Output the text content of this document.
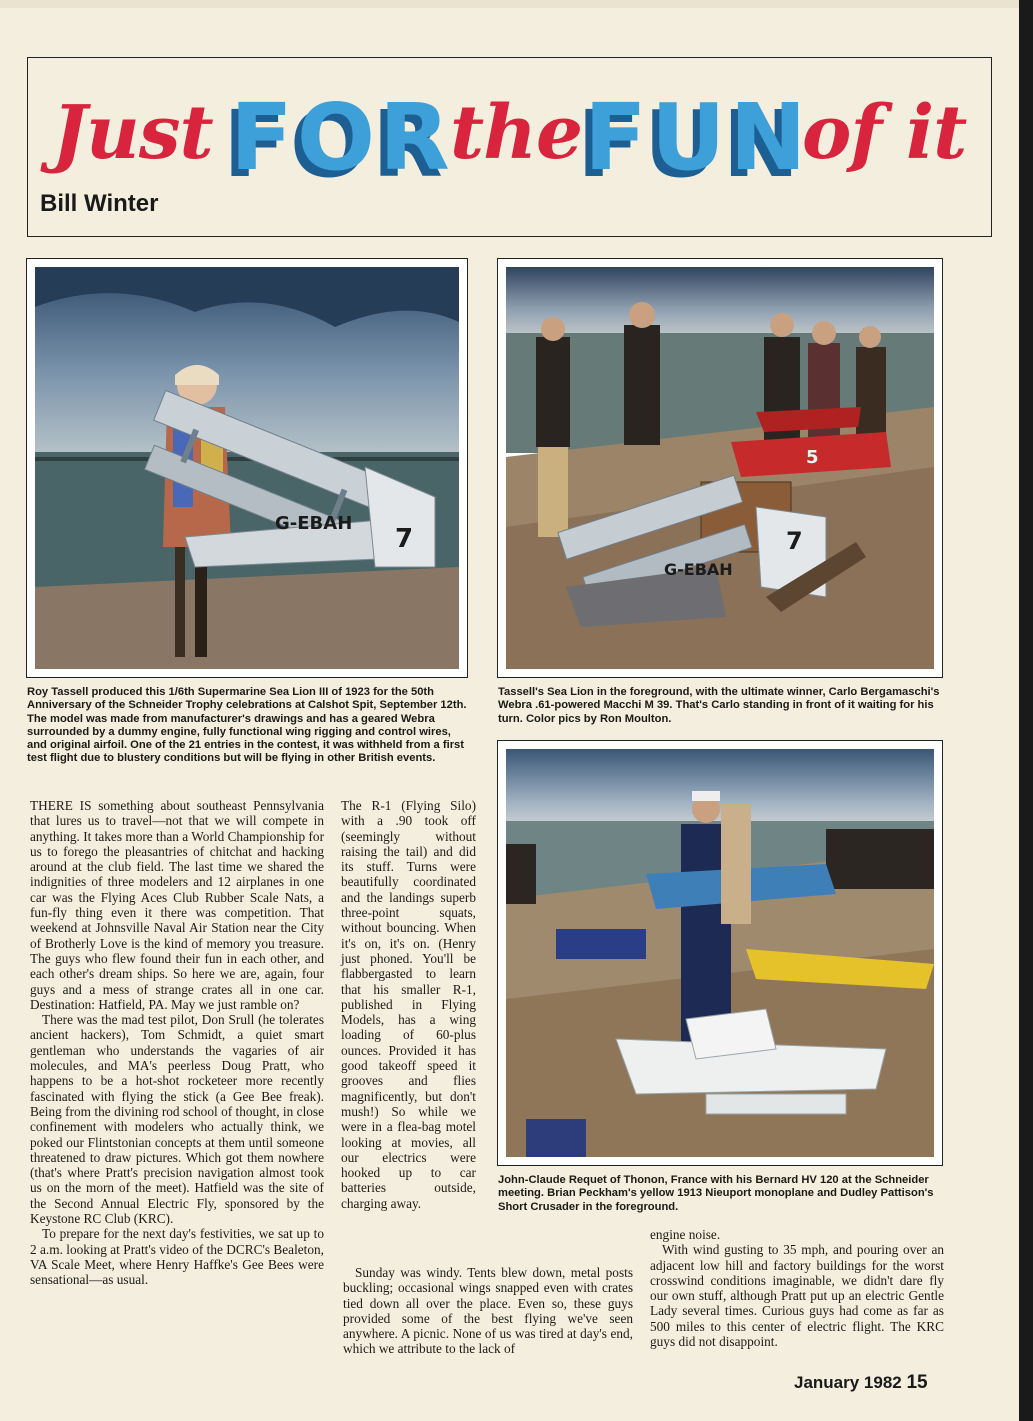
Just FOR
the FUN
of it
Bill Winter
G-EBAH
7
5
G-EBAH
7
Roy Tassell produced this 1/6th Supermarine Sea Lion III of 1923 for the 50th Anniversary of the Schneider Trophy celebrations at Calshot Spit, September 12th. The model was made from manufacturer's drawings and has a geared Webra surrounded by a dummy engine, fully functional wing rigging and control wires, and original airfoil. One of the 21 entries in the contest, it was withheld from a first test flight due to blustery conditions but will be flying in other British events.
Tassell's Sea Lion in the foreground, with the ultimate winner, Carlo Bergamaschi's Webra .61-powered Macchi M 39. That's Carlo standing in front of it waiting for his turn. Color pics by Ron Moulton.
John-Claude Requet of Thonon, France with his Bernard HV 120 at the Schneider meeting. Brian Peckham's yellow 1913 Nieuport monoplane and Dudley Pattison's Short Crusader in the foreground.

THERE IS something about southeast Pennsylvania that lures us to travel—not that we will compete in anything. It takes more than a World Championship for us to forego the pleasantries of chitchat and hacking around at the club field. The last time we shared the indignities of three modelers and 12 airplanes in one car was the Flying Aces Club Rubber Scale Nats, a fun-fly thing even it there was competition. That weekend at Johnsville Naval Air Station near the City of Brotherly Love is the kind of memory you treasure. The guys who flew found their fun in each other, and each other's dream ships. So here we are, again, four guys and a mess of strange crates all in one car. Destination: Hatfield, PA. May we just ramble on?

There was the mad test pilot, Don Srull (he tolerates ancient hackers), Tom Schmidt, a quiet smart gentleman who understands the vagaries of air molecules, and MA's peerless Doug Pratt, who happens to be a hot-shot rocketeer more recently fascinated with flying the stick (a Gee Bee freak). Being from the divining rod school of thought, in close confinement with modelers who actually think, we poked our Flintstonian concepts at them until someone threatened to draw pictures. Which got them nowhere (that's where Pratt's precision navigation almost took us on the morn of the meet). Hatfield was the site of the Second Annual Electric Fly, sponsored by the Keystone RC Club (KRC).

To prepare for the next day's festivities, we sat up to 2 a.m. looking at Pratt's video of the DCRC's Bealeton, VA Scale Meet, where Henry Haffke's Gee Bees were sensational—as usual.

The R-1 (Flying Silo) with a .90 took off (seemingly without raising the tail) and did its stuff. Turns were beautifully coordinated and the landings superb three-point squats, without bouncing. When it's on, it's on. (Henry just phoned. You'll be flabbergasted to learn that his smaller R-1, published in Flying Models, has a wing loading of 60-plus ounces. Provided it has good takeoff speed it grooves and flies magnificently, but don't mush!) So while we were in a flea-bag motel looking at movies, all our electrics were hooked up to car batteries outside, charging away.

Sunday was windy. Tents blew down, metal posts buckling; occasional wings snapped even with crates tied down all over the place. Even so, these guys provided some of the best flying we've seen anywhere. A picnic. None of us was tired at day's end, which we attribute to the lack of

engine noise.

With wind gusting to 35 mph, and pouring over an adjacent low hill and factory buildings for the worst crosswind conditions imaginable, we didn't dare fly our own stuff, although Pratt put up an electric Gentle Lady several times. Curious guys had come as far as 500 miles to this center of electric flight. The KRC guys did not disappoint.

January 1982 15
